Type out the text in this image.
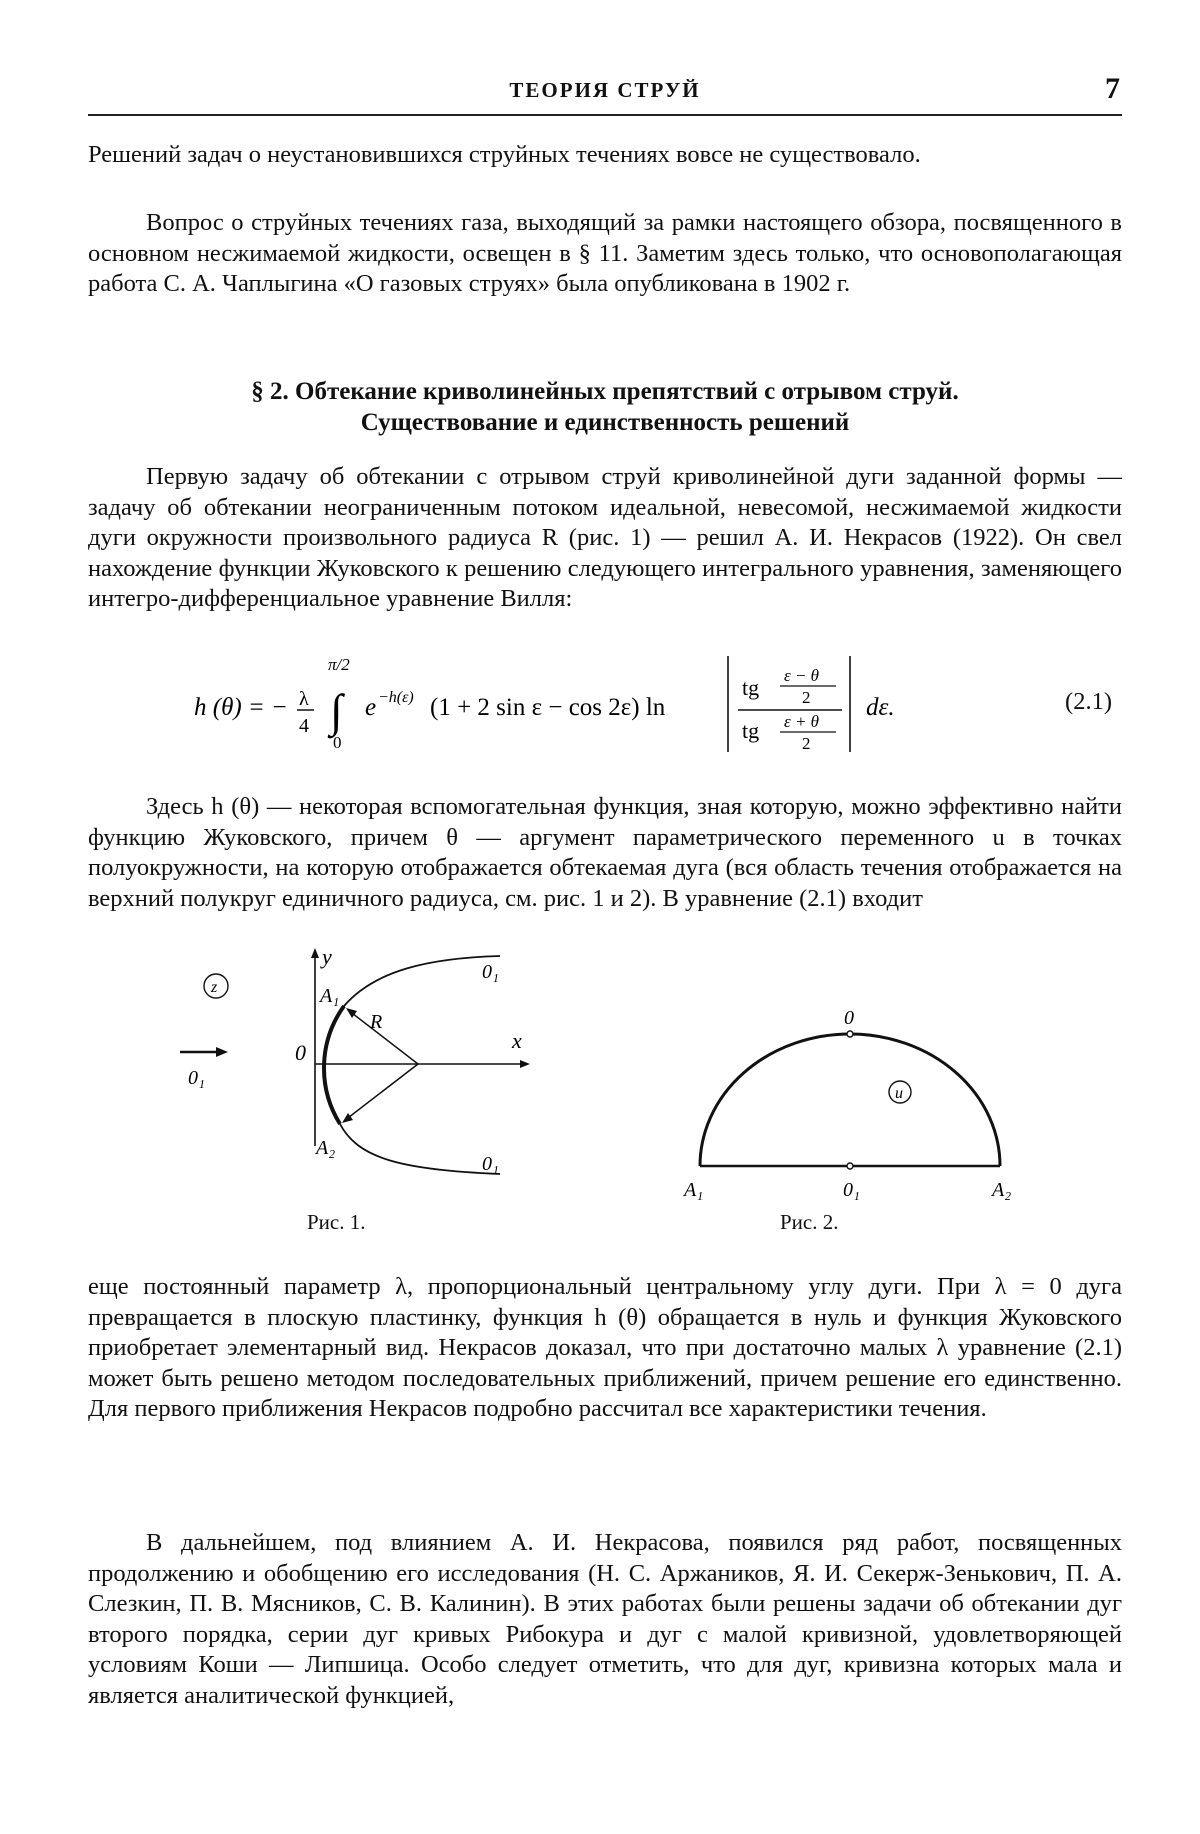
ТЕОРИЯ СТРУЙ	7

Решений задач о неустановившихся струйных течениях вовсе не существовало.

Вопрос о струйных течениях газа, выходящий за рамки настоящего обзора, посвященного в основном несжимаемой жидкости, освещен в § 11. Заметим здесь только, что основополагающая работа С. А. Чаплыгина «О газовых струях» была опубликована в 1902 г.

§ 2. Обтекание криволинейных препятствий с отрывом струй.
Существование и единственность решений

Первую задачу об обтекании с отрывом струй криволинейной дуги заданной формы — задачу об обтекании неограниченным потоком идеальной, невесомой, несжимаемой жидкости дуги окружности произвольного радиуса R (рис. 1) — решил А. И. Некрасов (1922). Он свел нахождение функции Жуковского к решению следующего интегрального уравнения, заменяющего интегро-дифференциальное уравнение Вилля:

h (θ) = − λ
4
π/2
∫
0
e −h(ε) (1 + 2 sin ε − cos 2ε) ln
tg ε − θ
2
tg ε + θ
2
dε.	(2.1)

Здесь h (θ) — некоторая вспомогательная функция, зная которую, можно эффективно найти функцию Жуковского, причем θ — аргумент параметрического переменного u в точках полуокружности, на которую отображается обтекаемая дуга (вся область течения отображается на верхний полукруг единичного радиуса, см. рис. 1 и 2). В уравнение (2.1) входит

z
y
x
0
A₁
A₂
R
0₁
0₁
0₁
0
u
A₁	0₁	A₂
Рис. 1.	Рис. 2.

еще постоянный параметр λ, пропорциональный центральному углу дуги. При λ = 0 дуга превращается в плоскую пластинку, функция h (θ) обращается в нуль и функция Жуковского приобретает элементарный вид. Некрасов доказал, что при достаточно малых λ уравнение (2.1) может быть решено методом последовательных приближений, причем решение его единственно. Для первого приближения Некрасов подробно рассчитал все характеристики течения.

В дальнейшем, под влиянием А. И. Некрасова, появился ряд работ, посвященных продолжению и обобщению его исследования (Н. С. Аржаников, Я. И. Секерж-Зенькович, П. А. Слезкин, П. В. Мясников, С. В. Калинин). В этих работах были решены задачи об обтекании дуг второго порядка, серии дуг кривых Рибокура и дуг с малой кривизной, удовлетворяющей условиям Коши — Липшица. Особо следует отметить, что для дуг, кривизна которых мала и является аналитической функцией,
